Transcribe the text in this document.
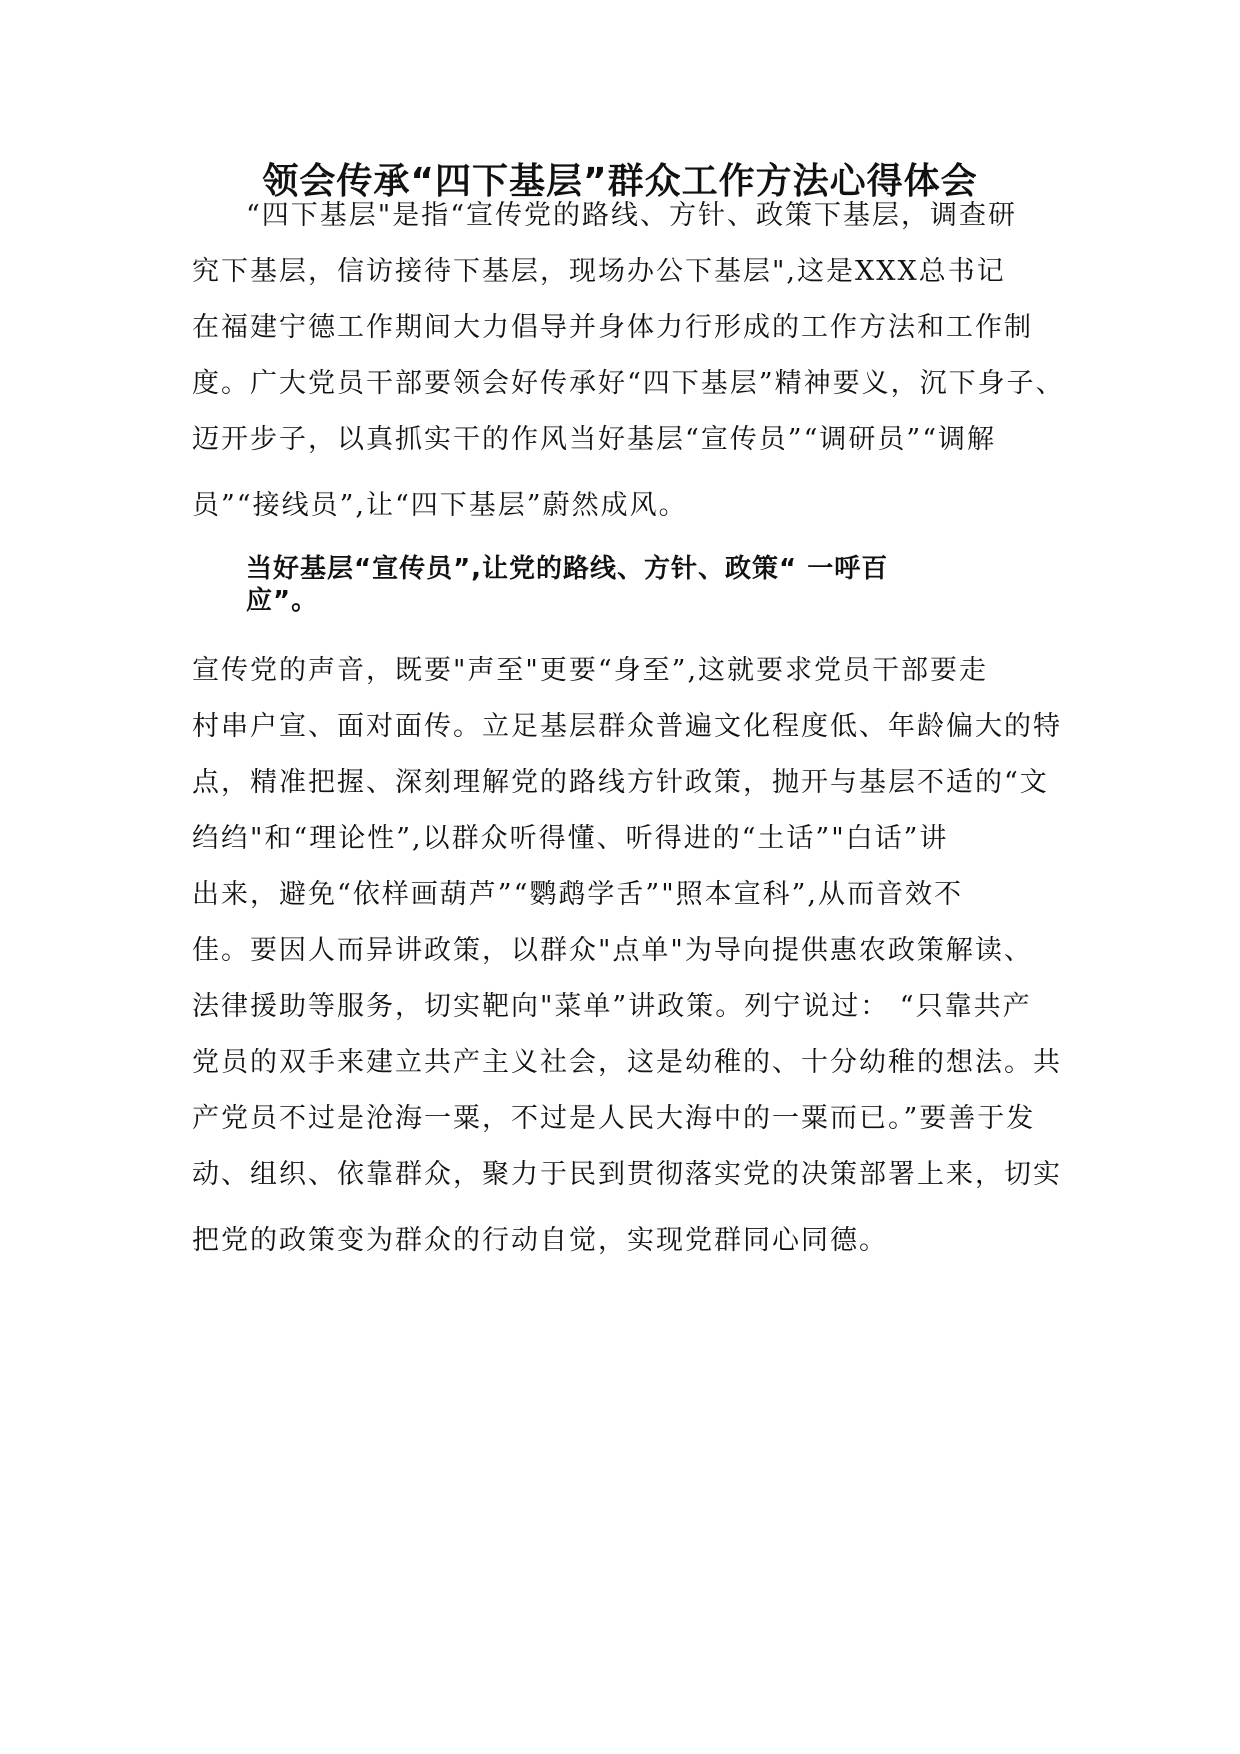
领会传承“四下基层”群众工作方法心得体会
“四下基层"是指“宣传党的路线、方针、政策下基层，调查研
究下基层，信访接待下基层，现场办公下基层",这是XXX总书记
在福建宁德工作期间大力倡导并身体力行形成的工作方法和工作制
度。广大党员干部要领会好传承好“四下基层”精神要义，沉下身子、
迈开步子，以真抓实干的作风当好基层“宣传员”“调研员”“调解
员”“接线员”,让“四下基层”蔚然成风。
当好基层“宣传员”,让党的路线、方针、政策“ 一呼百
应”。
宣传党的声音，既要"声至"更要“身至”,这就要求党员干部要走
村串户宣、面对面传。立足基层群众普遍文化程度低、年龄偏大的特
点，精准把握、深刻理解党的路线方针政策，抛开与基层不适的“文
绉绉"和“理论性”,以群众听得懂、听得进的“土话”"白话”讲
出来，避免“依样画葫芦”“鹦鹉学舌”"照本宣科”,从而音效不
佳。要因人而异讲政策，以群众"点单"为导向提供惠农政策解读、
法律援助等服务，切实靶向"菜单”讲政策。列宁说过： “只靠共产
党员的双手来建立共产主义社会，这是幼稚的、十分幼稚的想法。共
产党员不过是沧海一粟，不过是人民大海中的一粟而已。”要善于发
动、组织、依靠群众，聚力于民到贯彻落实党的决策部署上来，切实
把党的政策变为群众的行动自觉，实现党群同心同德。
